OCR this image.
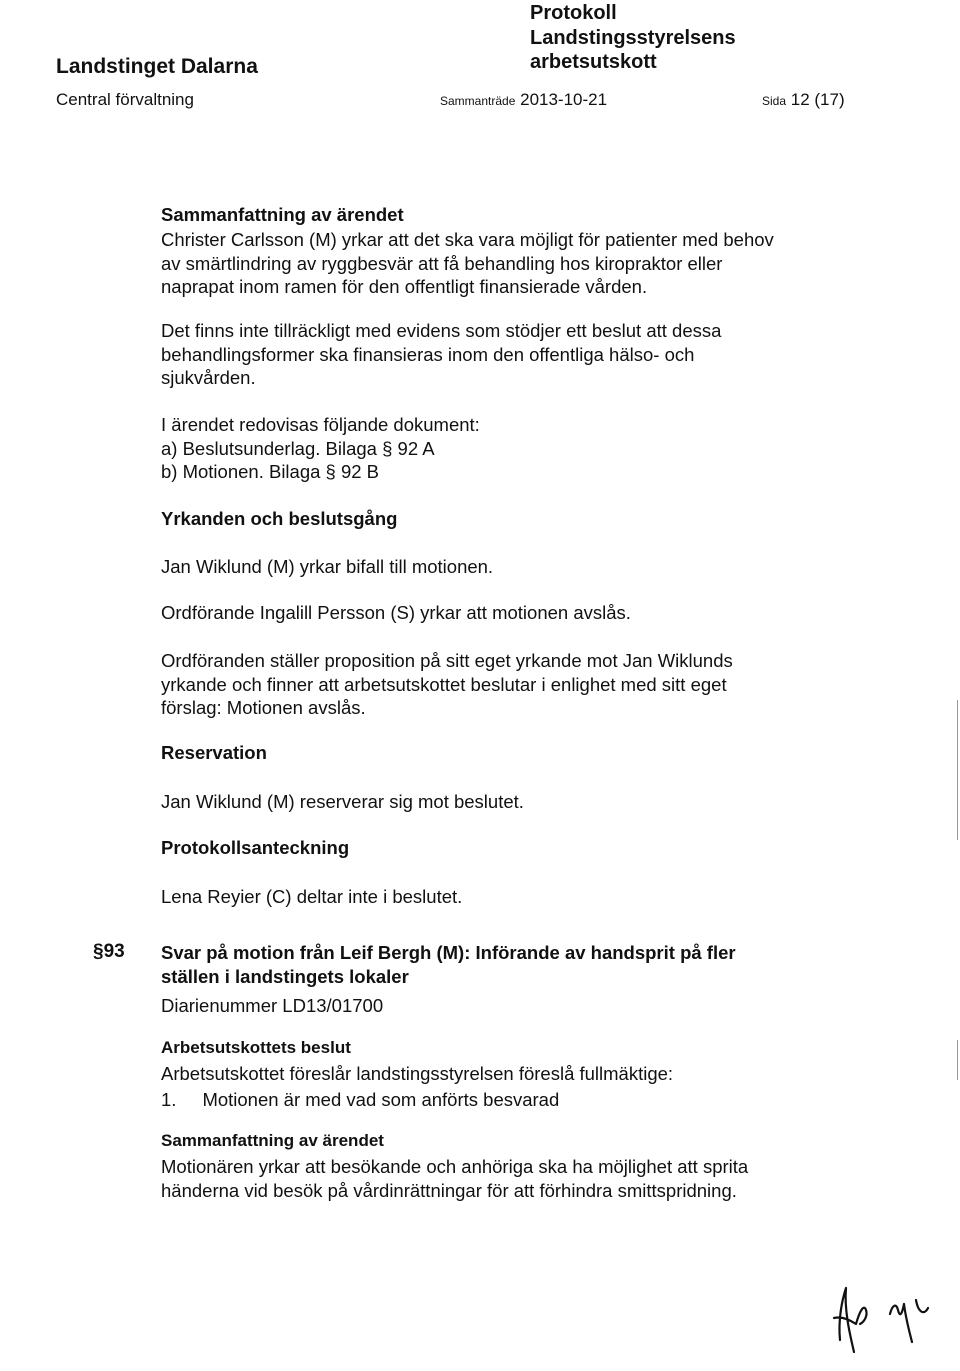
Landstinget Dalarna
Central förvaltning
Protokoll
Landstingsstyrelsens
arbetsutskott
Sammanträde 2013-10-21	Sida 12 (17)
Sammanfattning av ärendet
Christer Carlsson (M) yrkar att det ska vara möjligt för patienter med behov
av smärtlindring av ryggbesvär att få behandling hos kiropraktor eller
naprapat inom ramen för den offentligt finansierade vården.
Det finns inte tillräckligt med evidens som stödjer ett beslut att dessa
behandlingsformer ska finansieras inom den offentliga hälso- och
sjukvården.
I ärendet redovisas följande dokument:
a) Beslutsunderlag. Bilaga § 92 A
b) Motionen. Bilaga § 92 B
Yrkanden och beslutsgång
Jan Wiklund (M) yrkar bifall till motionen.
Ordförande Ingalill Persson (S) yrkar att motionen avslås.
Ordföranden ställer proposition på sitt eget yrkande mot Jan Wiklunds
yrkande och finner att arbetsutskottet beslutar i enlighet med sitt eget
förslag: Motionen avslås.
Reservation
Jan Wiklund (M) reserverar sig mot beslutet.
Protokollsanteckning
Lena Reyier (C) deltar inte i beslutet.
§93 Svar på motion från Leif Bergh (M): Införande av handsprit på fler
ställen i landstingets lokaler
Diarienummer LD13/01700
Arbetsutskottets beslut
Arbetsutskottet föreslår landstingsstyrelsen föreslå fullmäktige:
1. Motionen är med vad som anförts besvarad
Sammanfattning av ärendet
Motionären yrkar att besökande och anhöriga ska ha möjlighet att sprita
händerna vid besök på vårdinrättningar för att förhindra smittspridning.
